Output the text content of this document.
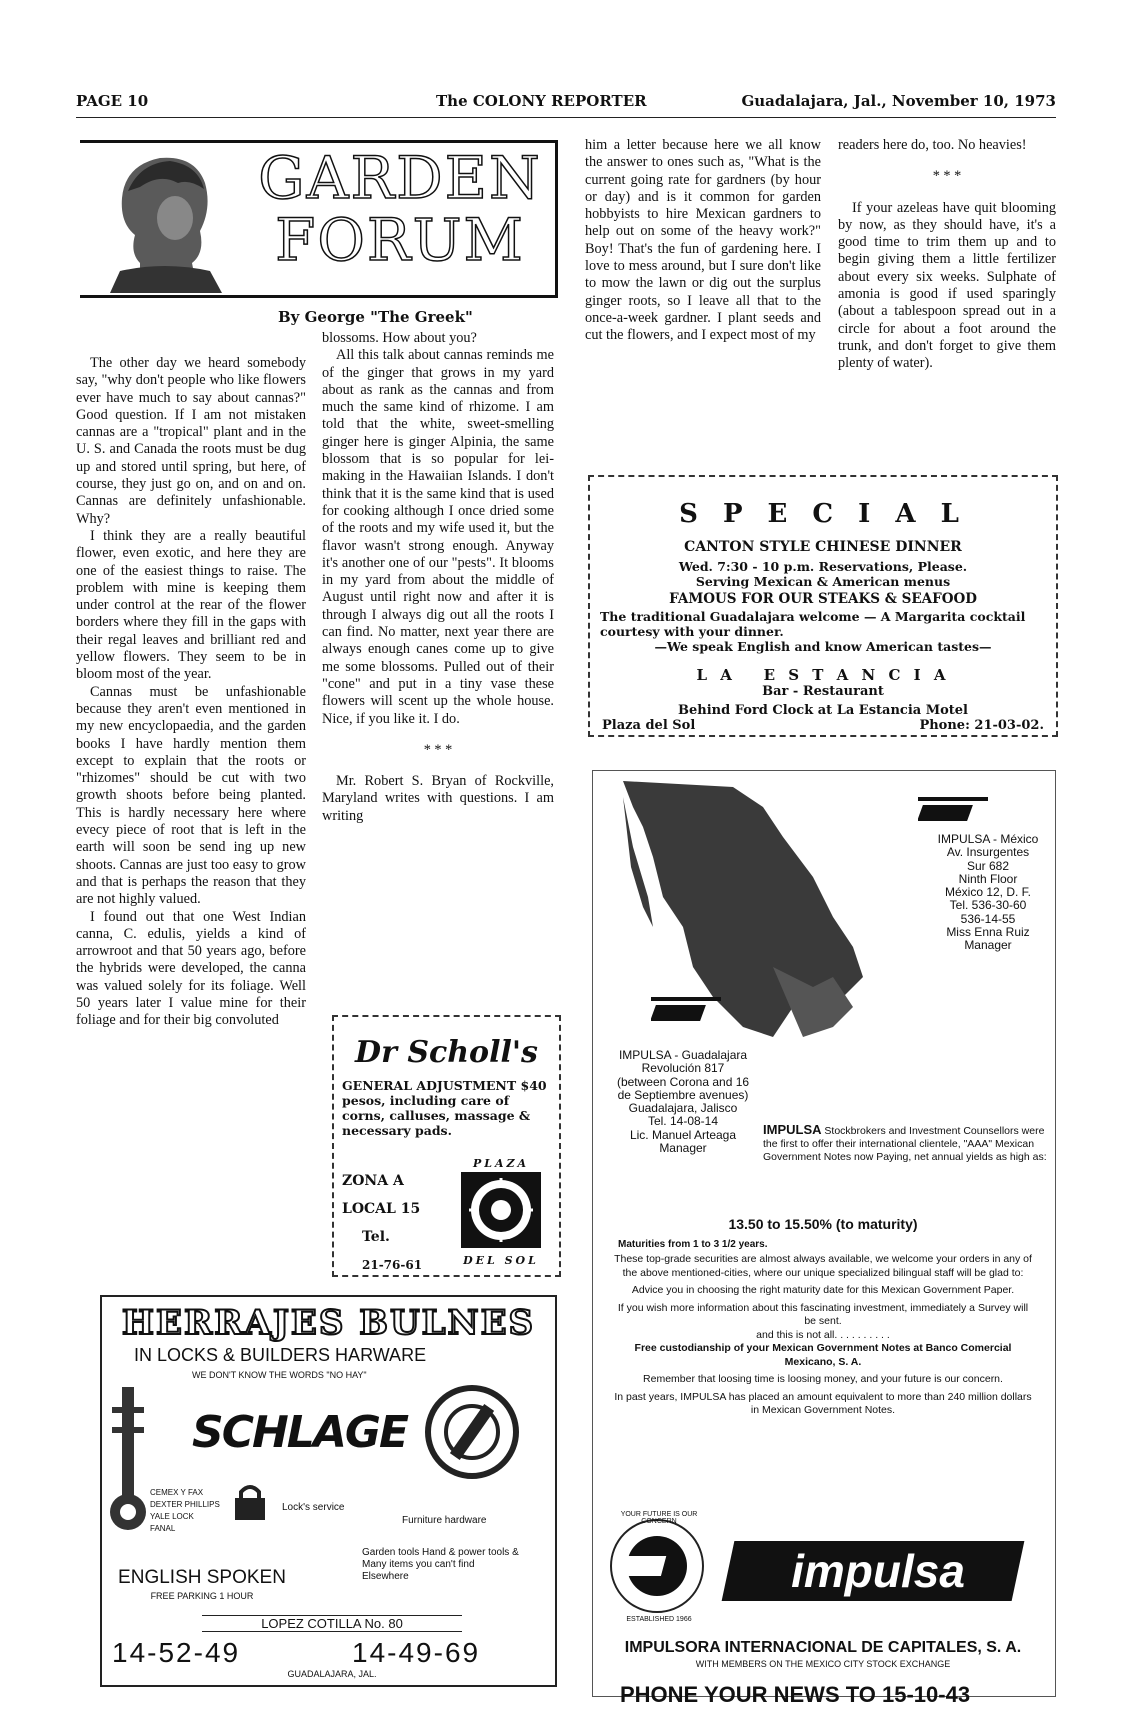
PAGE 10	The COLONY REPORTER	Guadalajara, Jal., November 10, 1973
GARDEN
FORUM
By George "The Greek"

The other day we heard somebody say, "why don't people who like flowers ever have much to say about cannas?" Good question. If I am not mistaken cannas are a "tropical" plant and in the U. S. and Canada the roots must be dug up and stored until spring, but here, of course, they just go on, and on and on. Cannas are definitely unfashionable. Why?

I think they are a really beautiful flower, even exotic, and here they are one of the easiest things to raise. The problem with mine is keeping them under control at the rear of the flower borders where they fill in the gaps with their regal leaves and brilliant red and yellow flowers. They seem to be in bloom most of the year.

Cannas must be unfashionable because they aren't even mentioned in my new encyclopaedia, and the garden books I have hardly mention them except to explain that the roots or "rhizomes" should be cut with two growth shoots before being planted. This is hardly necessary here where evecy piece of root that is left in the earth will soon be send ing up new shoots. Cannas are just too easy to grow and that is perhaps the reason that they are not highly valued.

I found out that one West Indian canna, C. edulis, yields a kind of arrowroot and that 50 years ago, before the hybrids were developed, the canna was valued solely for its foliage. Well 50 years later I value mine for their foliage and for their big convoluted

blossoms. How about you?

All this talk about cannas reminds me of the ginger that grows in my yard about as rank as the cannas and from much the same kind of rhizome. I am told that the white, sweet-smelling ginger here is ginger Alpinia, the same blossom that is so popular for lei-making in the Hawaiian Islands. I don't think that it is the same kind that is used for cooking although I once dried some of the roots and my wife used it, but the flavor wasn't strong enough. Anyway it's another one of our "pests". It blooms in my yard from about the middle of August until right now and after it is through I always dig out all the roots I can find. No matter, next year there are always enough canes come up to give me some blossoms. Pulled out of their "cone" and put in a tiny vase these flowers will scent up the whole house. Nice, if you like it. I do.

* * *

Mr. Robert S. Bryan of Rockville, Maryland writes with questions. I am writing

him a letter because here we all know the answer to ones such as, "What is the current going rate for gardners (by hour or day) and is it common for garden hobbyists to hire Mexican gardners to help out on some of the heavy work?" Boy! That's the fun of gardening here. I love to mess around, but I sure don't like to mow the lawn or dig out the surplus ginger roots, so I leave all that to the once-a-week gardner. I plant seeds and cut the flowers, and I expect most of my

readers here do, too. No heavies!

* * *

If your azeleas have quit blooming by now, as they should have, it's a good time to trim them up and to begin giving them a little fertilizer about every six weeks. Sulphate of amonia is good if used sparingly (about a tablespoon spread out in a circle for about a foot around the trunk, and don't forget to give them plenty of water).

S P E C I A L
CANTON STYLE CHINESE DINNER
Wed. 7:30 - 10 p.m. Reservations, Please.
Serving Mexican & American menus
FAMOUS FOR OUR STEAKS & SEAFOOD
The traditional Guadalajara welcome — A Margarita cocktail courtesy with your dinner.
—We speak English and know American tastes—
L A   E S T A N C I A
Bar - Restaurant
Behind Ford Clock at La Estancia Motel
Plaza del Sol	Phone: 21-03-02.
Dr Scholl's
GENERAL ADJUSTMENT $40 pesos, including care of corns, calluses, massage & necessary pads.
ZONA A
LOCAL 15
Tel.
21-76-61
PLAZA
DEL SOL
HERRAJES BULNES
IN LOCKS & BUILDERS HARWARE
WE DON'T KNOW THE WORDS "NO HAY"
SCHLAGE
CEMEX Y FAX DEXTER PHILLIPS YALE LOCK FANAL
Lock's service
Furniture hardware
Garden tools Hand & power tools & Many items you can't find Elsewhere
ENGLISH SPOKEN
FREE PARKING 1 HOUR
LOPEZ COTILLA No. 80
14-52-49	14-49-69
GUADALAJARA, JAL.
IMPULSA - México
Av. Insurgentes
Sur 682
Ninth Floor
México 12, D. F.
Tel. 536-30-60
536-14-55
Miss Enna Ruiz
Manager
IMPULSA - Guadalajara
Revolución 817
(between Corona and 16
de Septiembre avenues)
Guadalajara, Jalisco
Tel. 14-08-14
Lic. Manuel Arteaga
Manager
IMPULSA Stockbrokers and Investment Counsellors were the first to offer their international clientele, "AAA" Mexican Government Notes now Paying, net annual yields as high as:
13.50 to 15.50% (to maturity)
Maturities from 1 to 3 1/2 years.
These top-grade securities are almost always available, we welcome your orders in any of the above mentioned-cities, where our unique specialized bilingual staff will be glad to:
Advice you in choosing the right maturity date for this Mexican Government Paper.
If you wish more information about this fascinating investment, immediately a Survey will be sent.
and this is not all. . . . . . . . . .
Free custodianship of your Mexican Government Notes at Banco Comercial Mexicano, S. A.
Remember that loosing time is loosing money, and your future is our concern.
In past years, IMPULSA has placed an amount equivalent to more than 240 million dollars in Mexican Government Notes.
YOUR FUTURE IS OUR CONCERN
ESTABLISHED 1966
impulsa
IMPULSORA INTERNACIONAL DE CAPITALES, S. A.
WITH MEMBERS ON THE MEXICO CITY STOCK EXCHANGE
PHONE YOUR NEWS TO 15-10-43
